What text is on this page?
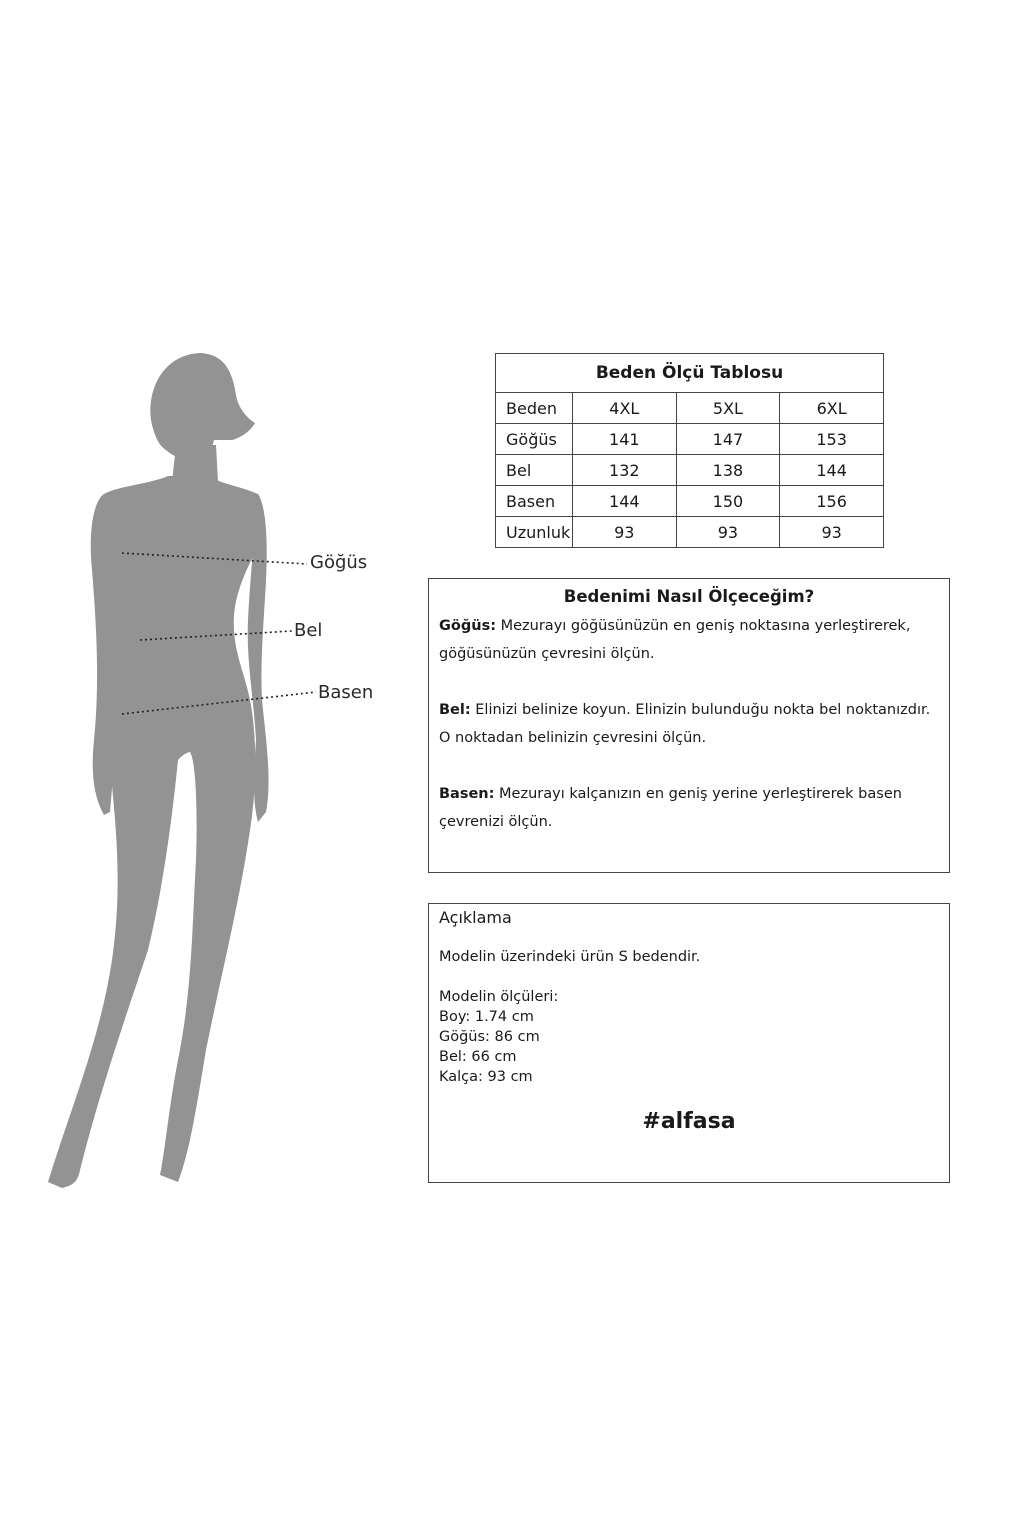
Göğüs
Bel
Basen
Beden Ölçü Tablosu			
Beden	4XL	5XL	6XL
Göğüs	141	147	153
Bel	132	138	144
Basen	144	150	156
Uzunluk	93	93	93
Bedenimi Nasıl Ölçeceğim?

Göğüs: Mezurayı göğüsünüzün en geniş noktasına yerleştirerek,
göğüsünüzün çevresini ölçün.

Bel: Elinizi belinize koyun. Elinizin bulunduğu nokta bel noktanızdır.
O noktadan belinizin çevresini ölçün.

Basen: Mezurayı kalçanızın en geniş yerine yerleştirerek basen
çevrenizi ölçün.

Açıklama
Modelin üzerindeki ürün S bedendir.
Modelin ölçüleri:
Boy: 1.74 cm
Göğüs: 86 cm
Bel: 66 cm
Kalça: 93 cm
#alfasa
